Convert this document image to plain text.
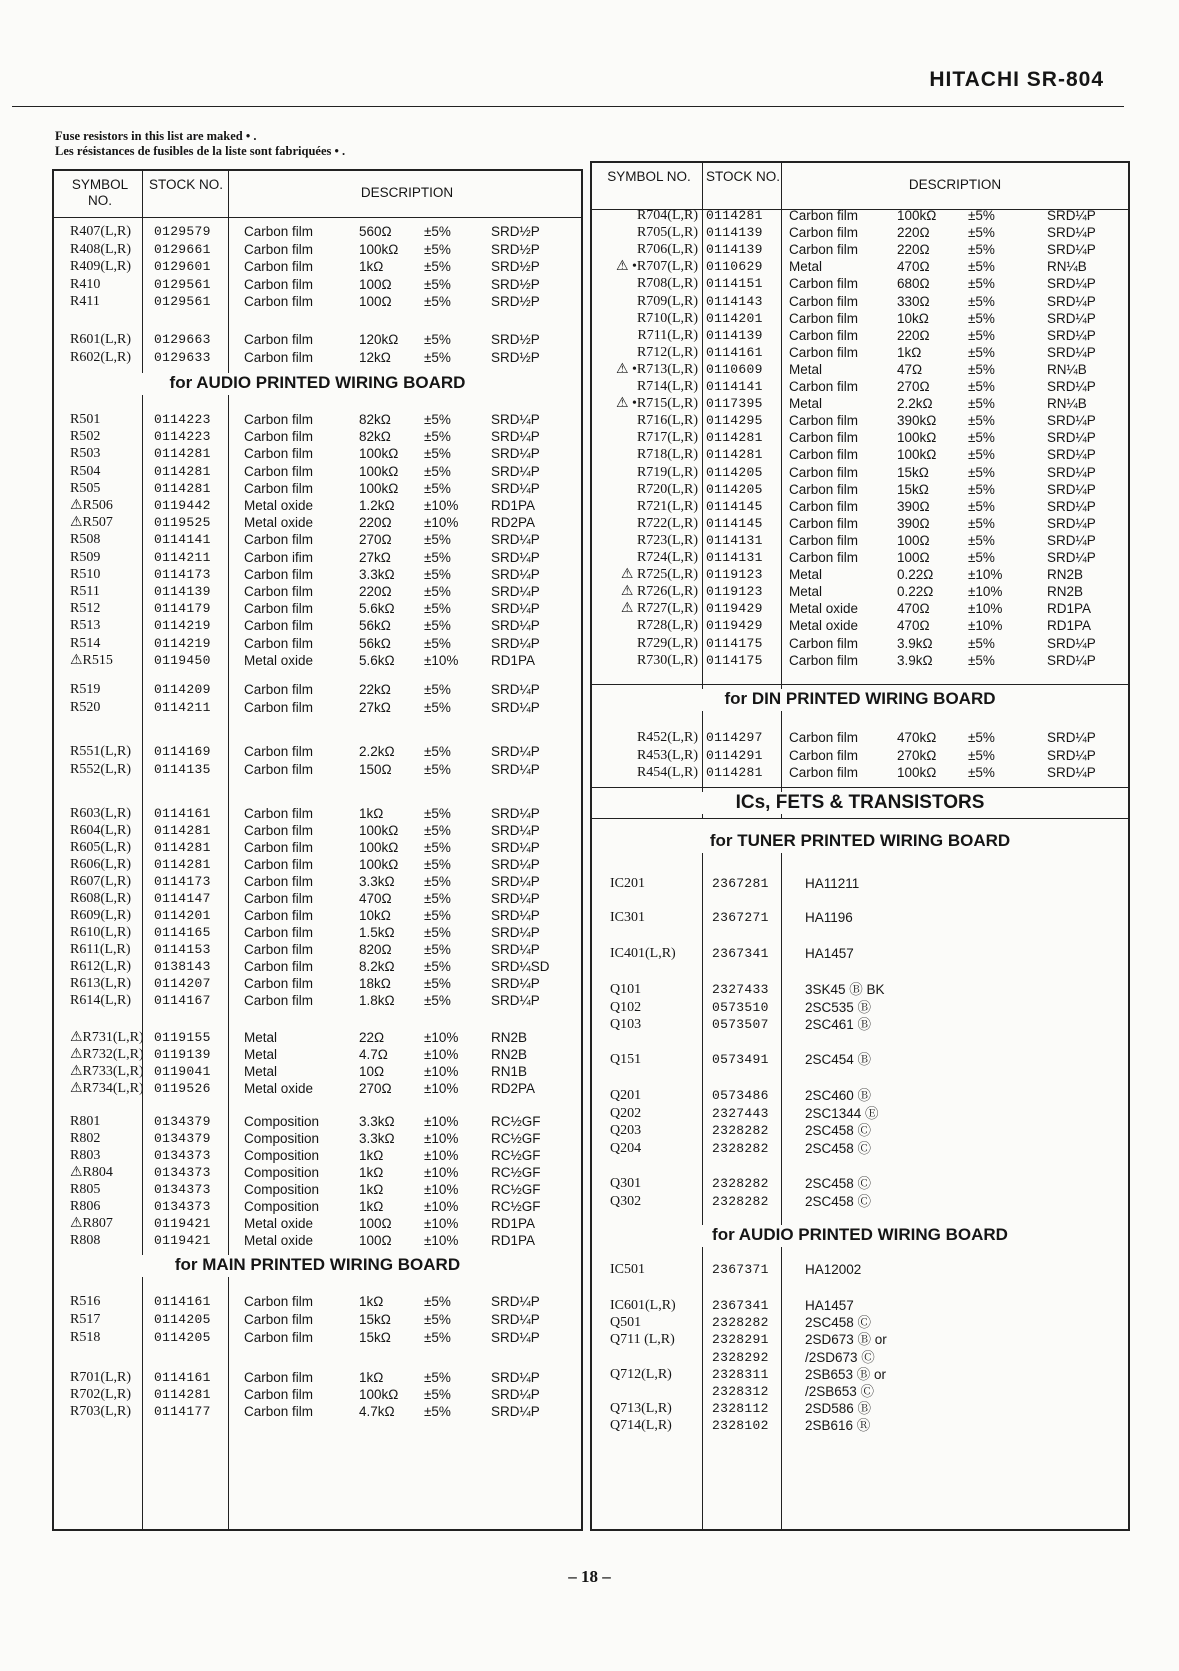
HITACHI SR-804
Fuse resistors in this list are maked • .
Les résistances de fusibles de la liste sont fabriquées • .
SYMBOL NO.
STOCK NO.
DESCRIPTION
for AUDIO PRINTED WIRING BOARD
for MAIN PRINTED WIRING BOARD
R407(L,R) 0129579 Carbon film	560Ω ±5%	SRD½P
R408(L,R) 0129661 Carbon film	100kΩ ±5%	SRD½P
R409(L,R) 0129601 Carbon film	1kΩ	±5%	SRD½P
R410	0129561 Carbon film	100Ω ±5%	SRD½P
R411	0129561 Carbon film	100Ω ±5%	SRD½P
R601(L,R) 0129663 Carbon film	120kΩ ±5%	SRD½P
R602(L,R) 0129633 Carbon film	12kΩ ±5%	SRD½P
R501	0114223 Carbon film	82kΩ ±5%	SRD¼P
R502	0114223 Carbon film	82kΩ ±5%	SRD¼P
R503	0114281 Carbon film	100kΩ ±5%	SRD¼P
R504	0114281 Carbon film	100kΩ ±5%	SRD¼P
R505	0114281 Carbon film	100kΩ ±5%	SRD¼P
⚠R506	0119442 Metal oxide	1.2kΩ ±10% RD1PA
⚠R507	0119525 Metal oxide	220Ω ±10% RD2PA
R508	0114141 Carbon film	270Ω ±5%	SRD¼P
R509	0114211 Carbon ifim	27kΩ ±5%	SRD¼P
R510	0114173 Carbon film	3.3kΩ ±5%	SRD¼P
R511	0114139 Carbon film	220Ω ±5%	SRD¼P
R512	0114179 Carbon film	5.6kΩ ±5%	SRD¼P
R513	0114219 Carbon film	56kΩ ±5%	SRD¼P
R514	0114219 Carbon film	56kΩ ±5%	SRD¼P
⚠R515	0119450 Metal oxide	5.6kΩ ±10% RD1PA
R519	0114209 Carbon film	22kΩ ±5%	SRD¼P
R520	0114211 Carbon film	27kΩ ±5%	SRD¼P
R551(L,R) 0114169 Carbon film	2.2kΩ ±5%	SRD¼P
R552(L,R) 0114135 Carbon film	150Ω ±5%	SRD¼P
R603(L,R) 0114161 Carbon film	1kΩ	±5%	SRD¼P
R604(L,R) 0114281 Carbon film	100kΩ ±5%	SRD¼P
R605(L,R) 0114281 Carbon film	100kΩ ±5%	SRD¼P
R606(L,R) 0114281 Carbon film	100kΩ ±5%	SRD¼P
R607(L,R) 0114173 Carbon film	3.3kΩ ±5%	SRD¼P
R608(L,R) 0114147 Carbon film	470Ω ±5%	SRD¼P
R609(L,R) 0114201 Carbon film	10kΩ ±5%	SRD¼P
R610(L,R) 0114165 Carbon film	1.5kΩ ±5%	SRD¼P
R611(L,R) 0114153 Carbon film	820Ω ±5%	SRD¼P
R612(L,R) 0138143 Carbon film	8.2kΩ ±5%	SRD¼SD
R613(L,R) 0114207 Carbon film	18kΩ ±5%	SRD¼P
R614(L,R) 0114167 Carbon film	1.8kΩ ±5%	SRD¼P
⚠R731(L,R) 0119155 Metal	22Ω	±10% RN2B
⚠R732(L,R) 0119139 Metal	4.7Ω	±10% RN2B
⚠R733(L,R) 0119041 Metal	10Ω	±10% RN1B
⚠R734(L,R) 0119526 Metal oxide	270Ω ±10% RD2PA
R801	0134379 Composition	3.3kΩ ±10% RC½GF
R802	0134379 Composition	3.3kΩ ±10% RC½GF
R803	0134373 Composition	1kΩ	±10% RC½GF
⚠R804	0134373 Composition	1kΩ	±10% RC½GF
R805	0134373 Composition	1kΩ	±10% RC½GF
R806	0134373 Composition	1kΩ	±10% RC½GF
⚠R807	0119421 Metal oxide	100Ω ±10% RD1PA
R808	0119421 Metal oxide	100Ω ±10% RD1PA
R516	0114161 Carbon film	1kΩ	±5%	SRD¼P
R517	0114205 Carbon film	15kΩ ±5%	SRD¼P
R518	0114205 Carbon film	15kΩ ±5%	SRD¼P
R701(L,R) 0114161 Carbon film	1kΩ	±5%	SRD¼P
R702(L,R) 0114281 Carbon film	100kΩ ±5%	SRD¼P
R703(L,R) 0114177 Carbon film	4.7kΩ ±5%	SRD¼P
SYMBOL NO.	STOCK NO.
DESCRIPTION
for DIN PRINTED WIRING BOARD
ICs, FETS & TRANSISTORS
for TUNER PRINTED WIRING BOARD
for AUDIO PRINTED WIRING BOARD
R704(L,R) 0114281 Carbon film	100kΩ ±5%	SRD¼P
R705(L,R) 0114139 Carbon film	220Ω	±5%	SRD¼P
R706(L,R) 0114139 Carbon film	220Ω	±5%	SRD¼P
⚠ •R707(L,R) 0110629 Metal	470Ω	±5%	RN¼B
R708(L,R) 0114151 Carbon film	680Ω	±5%	SRD¼P
R709(L,R) 0114143 Carbon film	330Ω	±5%	SRD¼P
R710(L,R) 0114201 Carbon film	10kΩ	±5%	SRD¼P
R711(L,R) 0114139 Carbon film	220Ω	±5%	SRD¼P
R712(L,R) 0114161 Carbon film	1kΩ	±5%	SRD¼P
⚠ •R713(L,R) 0110609 Metal	47Ω	±5%	RN¼B
R714(L,R) 0114141 Carbon film	270Ω	±5%	SRD¼P
⚠ •R715(L,R) 0117395 Metal	2.2kΩ	±5%	RN¼B
R716(L,R) 0114295 Carbon film	390kΩ ±5%	SRD¼P
R717(L,R) 0114281 Carbon film	100kΩ ±5%	SRD¼P
R718(L,R) 0114281 Carbon film	100kΩ ±5%	SRD¼P
R719(L,R) 0114205 Carbon film	15kΩ	±5%	SRD¼P
R720(L,R) 0114205 Carbon film	15kΩ	±5%	SRD¼P
R721(L,R) 0114145 Carbon film	390Ω	±5%	SRD¼P
R722(L,R) 0114145 Carbon film	390Ω	±5%	SRD¼P
R723(L,R) 0114131 Carbon film	100Ω	±5%	SRD¼P
R724(L,R) 0114131 Carbon film	100Ω	±5%	SRD¼P
⚠ R725(L,R) 0119123 Metal	0.22Ω	±10%	RN2B
⚠ R726(L,R) 0119123 Metal	0.22Ω	±10%	RN2B
⚠ R727(L,R) 0119429 Metal oxide	470Ω	±10%	RD1PA
R728(L,R) 0119429 Metal oxide	470Ω	±10%	RD1PA
R729(L,R) 0114175 Carbon film	3.9kΩ	±5%	SRD¼P
R730(L,R) 0114175 Carbon film	3.9kΩ	±5%	SRD¼P
R452(L,R) 0114297 Carbon film	470kΩ ±5%	SRD¼P
R453(L,R) 0114291 Carbon film	270kΩ ±5%	SRD¼P
R454(L,R) 0114281 Carbon film	100kΩ ±5%	SRD¼P
IC201	2367281	HA11211
IC301	2367271	HA1196
IC401(L,R)	2367341	HA1457
Q101	2327433	3SK45 Ⓑ BK
Q102	0573510	2SC535 Ⓑ
Q103	0573507	2SC461 Ⓑ
Q151	0573491	2SC454 Ⓑ
Q201	0573486	2SC460 Ⓑ
Q202	2327443	2SC1344 Ⓔ
Q203	2328282	2SC458 Ⓒ
Q204	2328282	2SC458 Ⓒ
Q301	2328282	2SC458 Ⓒ
Q302	2328282	2SC458 Ⓒ
IC501	2367371	HA12002
IC601(L,R)	2367341	HA1457
Q501	2328282	2SC458 Ⓒ
Q711 (L,R)	2328291	2SD673 Ⓑ or
2328292	/2SD673 Ⓒ
Q712(L,R)	2328311	2SB653 Ⓑ or
2328312	/2SB653 Ⓒ
Q713(L,R)	2328112	2SD586 Ⓑ
Q714(L,R)	2328102	2SB616 Ⓡ
– 18 –
